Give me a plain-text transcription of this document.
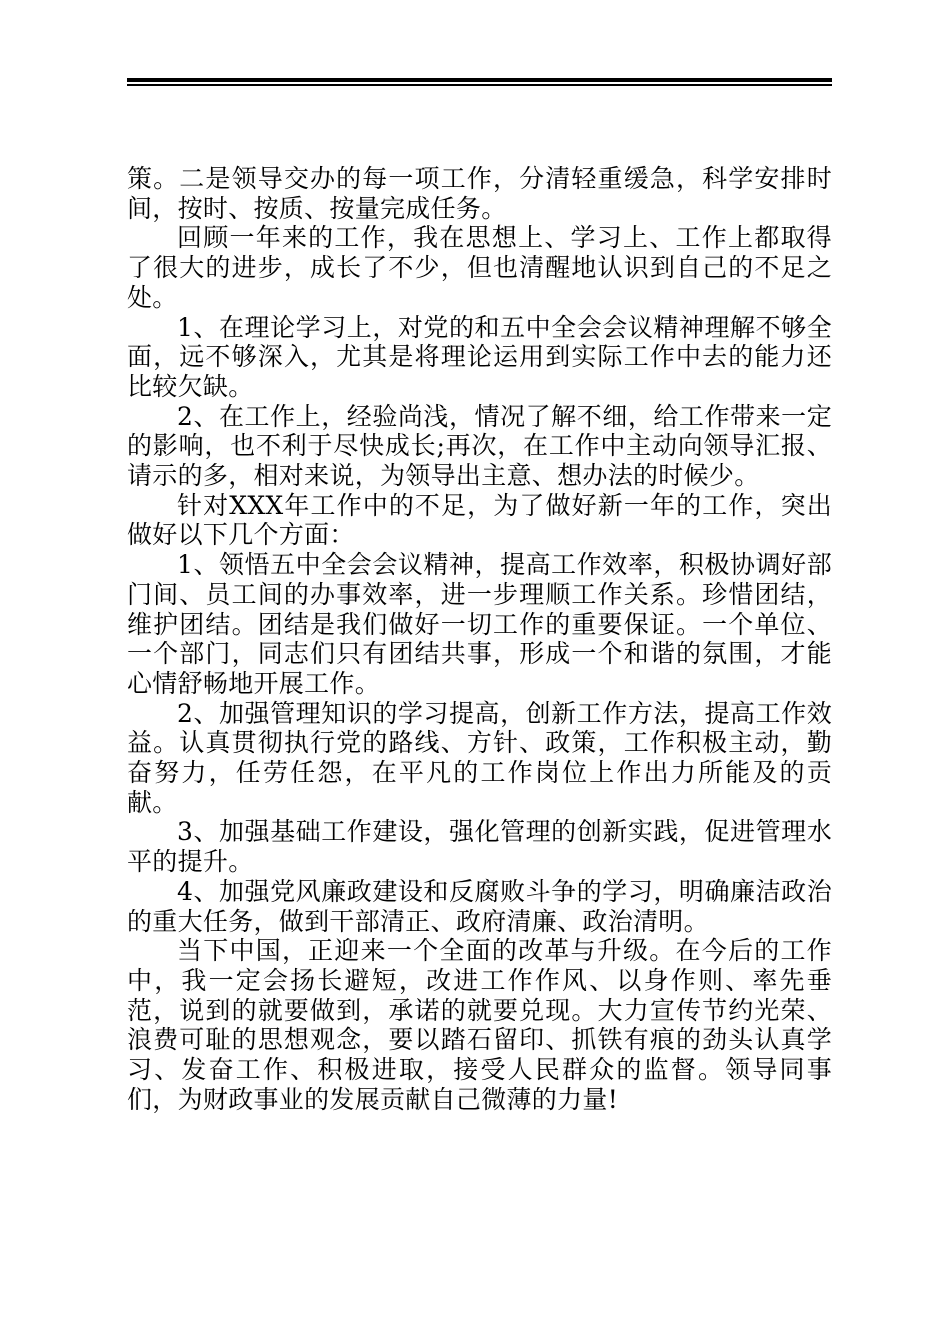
策。二是领导交办的每一项工作，分清轻重缓急，科学安排时间，按时、按质、按量完成任务。

回顾一年来的工作，我在思想上、学习上、工作上都取得了很大的进步，成长了不少，但也清醒地认识到自己的不足之处。

1、在理论学习上，对党的和五中全会会议精神理解不够全面，远不够深入，尤其是将理论运用到实际工作中去的能力还比较欠缺。

2、在工作上，经验尚浅，情况了解不细，给工作带来一定的影响，也不利于尽快成长;再次，在工作中主动向领导汇报、请示的多，相对来说，为领导出主意、想办法的时候少。

针对XXX年工作中的不足，为了做好新一年的工作，突出做好以下几个方面：

1、领悟五中全会会议精神，提高工作效率，积极协调好部门间、员工间的办事效率，进一步理顺工作关系。珍惜团结，维护团结。团结是我们做好一切工作的重要保证。一个单位、一个部门，同志们只有团结共事，形成一个和谐的氛围，才能心情舒畅地开展工作。

2、加强管理知识的学习提高，创新工作方法，提高工作效益。认真贯彻执行党的路线、方针、政策，工作积极主动，勤奋努力，任劳任怨，在平凡的工作岗位上作出力所能及的贡献。

3、加强基础工作建设，强化管理的创新实践，促进管理水平的提升。

4、加强党风廉政建设和反腐败斗争的学习，明确廉洁政治的重大任务，做到干部清正、政府清廉、政治清明。

当下中国，正迎来一个全面的改革与升级。在今后的工作中，我一定会扬长避短，改进工作作风、以身作则、率先垂范，说到的就要做到，承诺的就要兑现。大力宣传节约光荣、浪费可耻的思想观念，要以踏石留印、抓铁有痕的劲头认真学习、发奋工作、积极进取，接受人民群众的监督。领导同事们，为财政事业的发展贡献自己微薄的力量!
